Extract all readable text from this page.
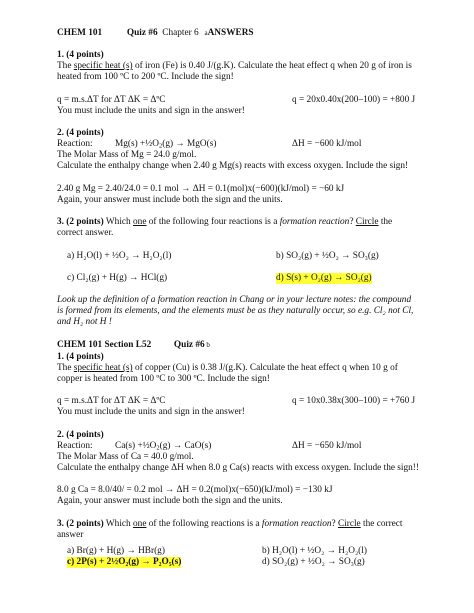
CHEM 101	Quiz #6 Chapter 6 aANSWERS
1. (4 points)
The specific heat (s) of iron (Fe) is 0.40 J/(g.K). Calculate the heat effect q when 20 g of iron is
heated from 100 ºC to 200 ºC. Include the sign!
q = m.s.ΔT for ΔT ΔK = ΔºC	q = 20x0.40x(200–100) = +800 J
You must include the units and sign in the answer!
2. (4 points)
Reaction: $Mg(s) +\frac{1}{2}O_2(g) \to MgO(s)$	ΔH = −600 kJ/mol
The Molar Mass of Mg = 24.0 g/mol.
Calculate the enthalpy change when 2.40 g Mg(s) reacts with excess oxygen. Include the sign!
2.40 g Mg = 2.40/24.0 = 0.1 mol → ΔH = 0.1(mol)x(−600)(kJ/mol) = −60 kJ
Again, your answer must include both the sign and the units.
3. (2 points) Which one of the following four reactions is a formation reaction? Circle the
correct answer.
a) H₂O(l) + ½O₂ → H₂O₂(l)	b) SO₂(g) + ½O₂ → SO₃(g)
c) Cl₂(g) + H(g) → HCl(g)	d) S(s) + O₂(g) → SO₂(g)
Look up the definition of a formation reaction in Chang or in your lecture notes: the compound
is formed from its elements, and the elements must be as they naturally occur, so e.g. Cl₂ not Cl,
and H₂ not H !
CHEM 101 Section L52 Quiz #6 b
1. (4 points)
The specific heat (s) of copper (Cu) is 0.38 J/(g.K). Calculate the heat effect q when 10 g of
copper is heated from 100 ºC to 300 ºC. Include the sign!
q = m.s.ΔT for ΔT ΔK = ΔºC	q = 10x0.38x(300–100) = +760 J
You must include the units and sign in the answer!
2. (4 points)
Reaction: $Ca(s) +\frac{1}{2}O_2(g) \to CaO(s)$	ΔH = −650 kJ/mol
The Molar Mass of Ca = 40.0 g/mol.
Calculate the enthalpy change ΔH when 8.0 g Ca(s) reacts with excess oxygen. Include the sign!!
8.0 g Ca = 8.0/40/ = 0.2 mol → ΔH = 0.2(mol)x(−650)(kJ/mol) = −130 kJ
Again, your answer must include both the sign and the units.
3. (2 points) Which one of the following reactions is a formation reaction? Circle the correct
answer
a) Br(g) + H(g) → HBr(g)	b) H₂O(l) + ½O₂ → H₂O₂(l)
c) 2P(s) + 2½O₂(g) → P₂O₅(s)	d) SO₂(g) + ½O₂ → SO₃(g)
